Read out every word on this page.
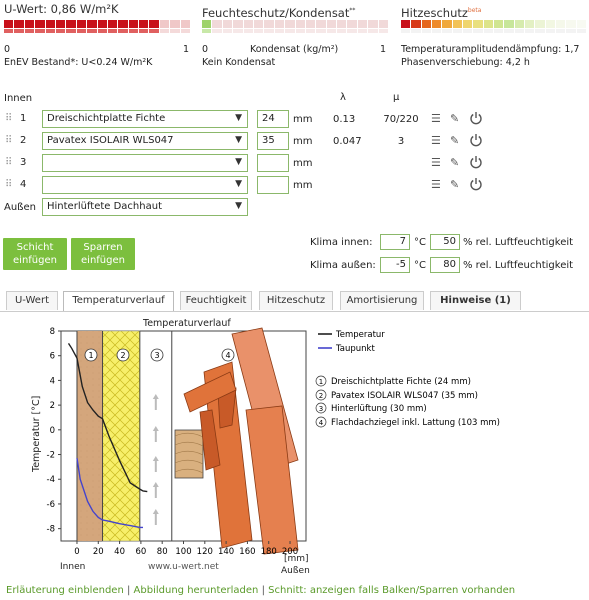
U-Wert: 0,86 W/m²K
0	1
EnEV Bestand*: U<0.24 W/m²K
Feuchteschutz/Kondensat**
0	Kondensat (kg/m²)	1
Kein Kondensat
Hitzeschutz$^{beta}$
Temperaturamplitudendämpfung: 1,7
Phasenverschiebung: 4,2 h
Innen	λ	μ
⠿ 1	Dreischichtplatte Fichte	▼	24	mm 0.13	70/220 ☰ ✎
⠿ 2	Pavatex ISOLAIR WLS047	▼	35	mm 0.047	3	☰ ✎
⠿ 3	▼	mm	☰ ✎
⠿ 4	▼	mm	☰ ✎
Außen	Hinterlüftete Dachhaut	▼
Schicht
einfügen
Sparren
einfügen
Klima innen:	7 °C	50 % rel. Luftfeuchtigkeit
Klima außen:	-5 °C	80 % rel. Luftfeuchtigkeit
U-Wert	Temperaturverlauf	Feuchtigkeit	Hitzeschutz	Amortisierung	Hinweise (1)
1	2	3	4
8
6
4
2
0
-2
-4
-6
-8
0 20 40 60 80 100 120 140 160 180 200
Temperatur
Taupunkt
1 Dreischichtplatte Fichte (24 mm)
2 Pavatex ISOLAIR WLS047 (35 mm)
3 Hinterlüftung (30 mm)
4 Flachdachziegel inkl. Lattung (103 mm)
Temperaturverlauf
Temperatur [°C]
www.u-wert.net
Innen
[mm]
Außen
Erläuterung einblenden | Abbildung herunterladen | Schnitt: anzeigen falls Balken/Sparren vorhanden
